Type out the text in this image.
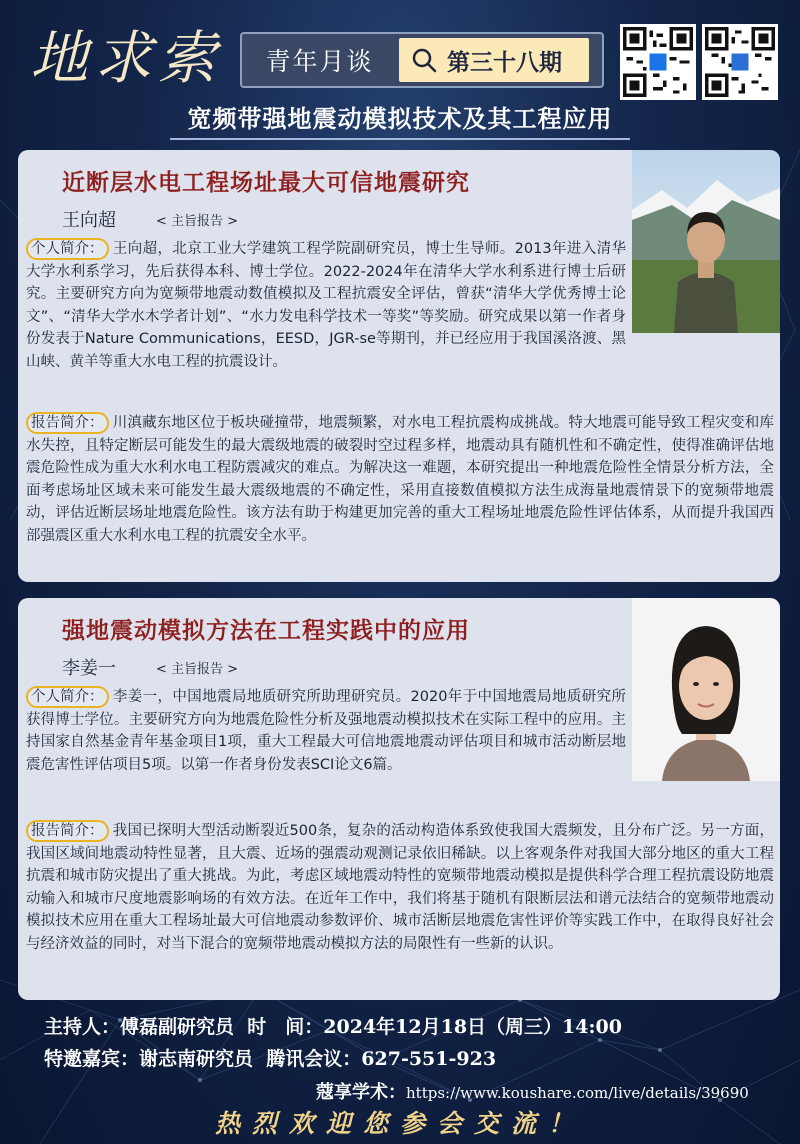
地求索	青年月谈	第三十八期
宽频带强地震动模拟技术及其工程应用
近断层水电工程场址最大可信地震研究
王向超	< 主旨报告 >

个人简介： 王向超，北京工业大学建筑工程学院副研究员，博士生导师。2013年进入清华大学水利系学习，先后获得本科、博士学位。2022-2024年在清华大学水利系进行博士后研究。主要研究方向为宽频带地震动数值模拟及工程抗震安全评估，曾获“清华大学优秀博士论文”、“清华大学水木学者计划”、“水力发电科学技术一等奖”等奖励。研究成果以第一作者身份发表于Nature Communications，EESD，JGR-se等期刊，并已经应用于我国溪洛渡、黑山峡、黄羊等重大水电工程的抗震设计。

报告简介： 川滇藏东地区位于板块碰撞带，地震频繁，对水电工程抗震构成挑战。特大地震可能导致工程灾变和库水失控，且特定断层可能发生的最大震级地震的破裂时空过程多样，地震动具有随机性和不确定性，使得准确评估地震危险性成为重大水利水电工程防震减灾的难点。为解决这一难题，本研究提出一种地震危险性全情景分析方法，全面考虑场址区域未来可能发生最大震级地震的不确定性，采用直接数值模拟方法生成海量地震情景下的宽频带地震动，评估近断层场址地震危险性。该方法有助于构建更加完善的重大工程场址地震危险性评估体系，从而提升我国西部强震区重大水利水电工程的抗震安全水平。

强地震动模拟方法在工程实践中的应用
李姜一	< 主旨报告 >

个人简介： 李姜一，中国地震局地质研究所助理研究员。2020年于中国地震局地质研究所获得博士学位。主要研究方向为地震危险性分析及强地震动模拟技术在实际工程中的应用。主持国家自然基金青年基金项目1项，重大工程最大可信地震地震动评估项目和城市活动断层地震危害性评估项目5项。以第一作者身份发表SCI论文6篇。

报告简介： 我国已探明大型活动断裂近500条，复杂的活动构造体系致使我国大震频发，且分布广泛。另一方面，我国区域间地震动特性显著，且大震、近场的强震动观测记录依旧稀缺。以上客观条件对我国大部分地区的重大工程抗震和城市防灾提出了重大挑战。为此，考虑区域地震动特性的宽频带地震动模拟是提供科学合理工程抗震设防地震动输入和城市尺度地震影响场的有效方法。在近年工作中，我们将基于随机有限断层法和谱元法结合的宽频带地震动模拟技术应用在重大工程场址最大可信地震动参数评价、城市活断层地震危害性评价等实践工作中，在取得良好社会与经济效益的同时，对当下混合的宽频带地震动模拟方法的局限性有一些新的认识。

主持人：傅磊副研究员 时　间：2024年12月18日（周三）14:00
特邀嘉宾：谢志南研究员 腾讯会议：627-551-923
蔻享学术：https://www.koushare.com/live/details/39690
热烈欢迎您参会交流！
